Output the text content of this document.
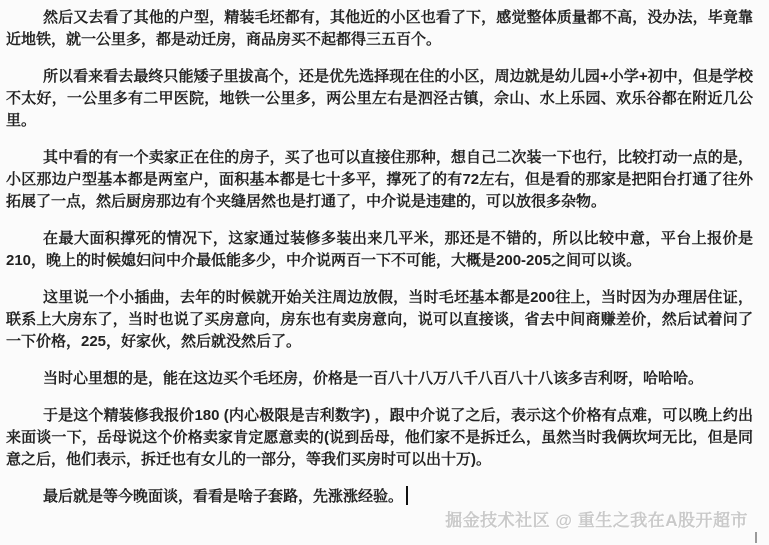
然后又去看了其他的户型，精装毛坯都有，其他近的小区也看了下，感觉整体质量都不高，没办法，毕竟靠近地铁，就一公里多，都是动迁房，商品房买不起都得三五百个。

所以看来看去最终只能矮子里拔高个，还是优先选择现在住的小区，周边就是幼儿园+小学+初中，但是学校不太好，一公里多有二甲医院，地铁一公里多，两公里左右是泗泾古镇，佘山、水上乐园、欢乐谷都在附近几公里。

其中看的有一个卖家正在住的房子，买了也可以直接住那种，想自己二次装一下也行，比较打动一点的是，小区那边户型基本都是两室户，面积基本都是七十多平，撑死了的有72左右，但是看的那家是把阳台打通了往外拓展了一点，然后厨房那边有个夹缝居然也是打通了，中介说是违建的，可以放很多杂物。

在最大面积撑死的情况下，这家通过装修多装出来几平米，那还是不错的，所以比较中意，平台上报价是210，晚上的时候媳妇问中介最低能多少，中介说两百一下不可能，大概是200-205之间可以谈。

这里说一个小插曲，去年的时候就开始关注周边放假，当时毛坯基本都是200往上，当时因为办理居住证，联系上大房东了，当时也说了买房意向，房东也有卖房意向，说可以直接谈，省去中间商赚差价，然后试着问了一下价格，225，好家伙，然后就没然后了。

当时心里想的是，能在这边买个毛坯房，价格是一百八十八万八千八百八十八该多吉利呀，哈哈哈。

于是这个精装修我报价180 (内心极限是吉利数字) ，跟中介说了之后，表示这个价格有点难，可以晚上约出来面谈一下，岳母说这个价格卖家肯定愿意卖的(说到岳母，他们家不是拆迁么，虽然当时我俩坎坷无比，但是同意之后，他们表示，拆迁也有女儿的一部分，等我们买房时可以出十万)。

最后就是等今晚面谈，看看是啥子套路，先涨涨经验。

掘金技术社区 @ 重生之我在A股开超市
